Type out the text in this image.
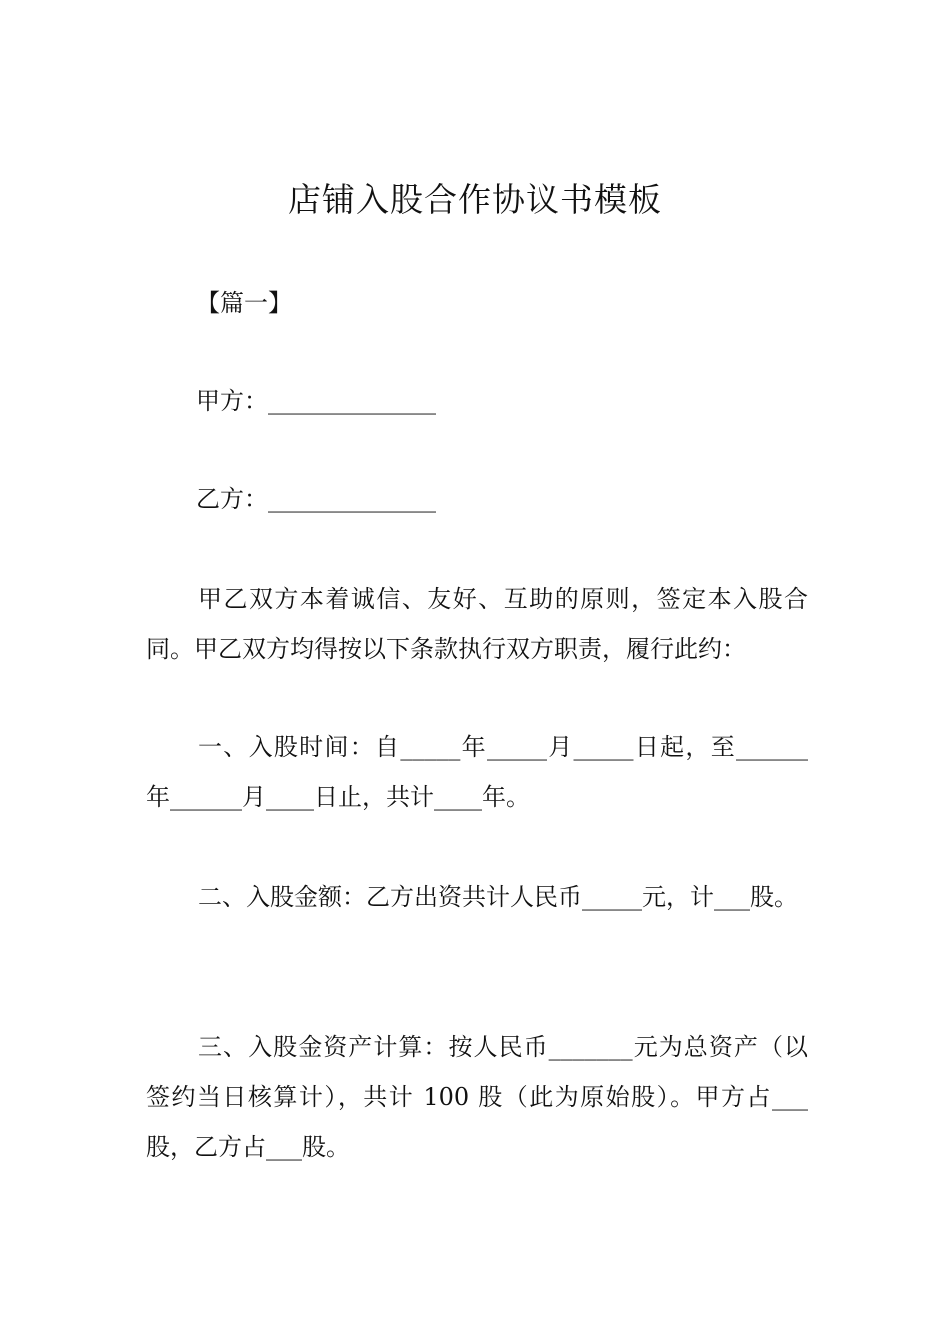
店铺入股合作协议书模板

【篇一】

甲方：______________

乙方：______________

甲乙双方本着诚信、友好、互助的原则，签定本入股合同。甲乙双方均得按以下条款执行双方职责，履行此约：

一、入股时间：自_____年_____月_____日起，至______年______月____日止，共计____年。

二、入股金额：乙方出资共计人民币_____元，计___股。

三、入股金资产计算：按人民币_______元为总资产（以签约当日核算计），共计 100 股（此为原始股）。甲方占___股，乙方占___股。
